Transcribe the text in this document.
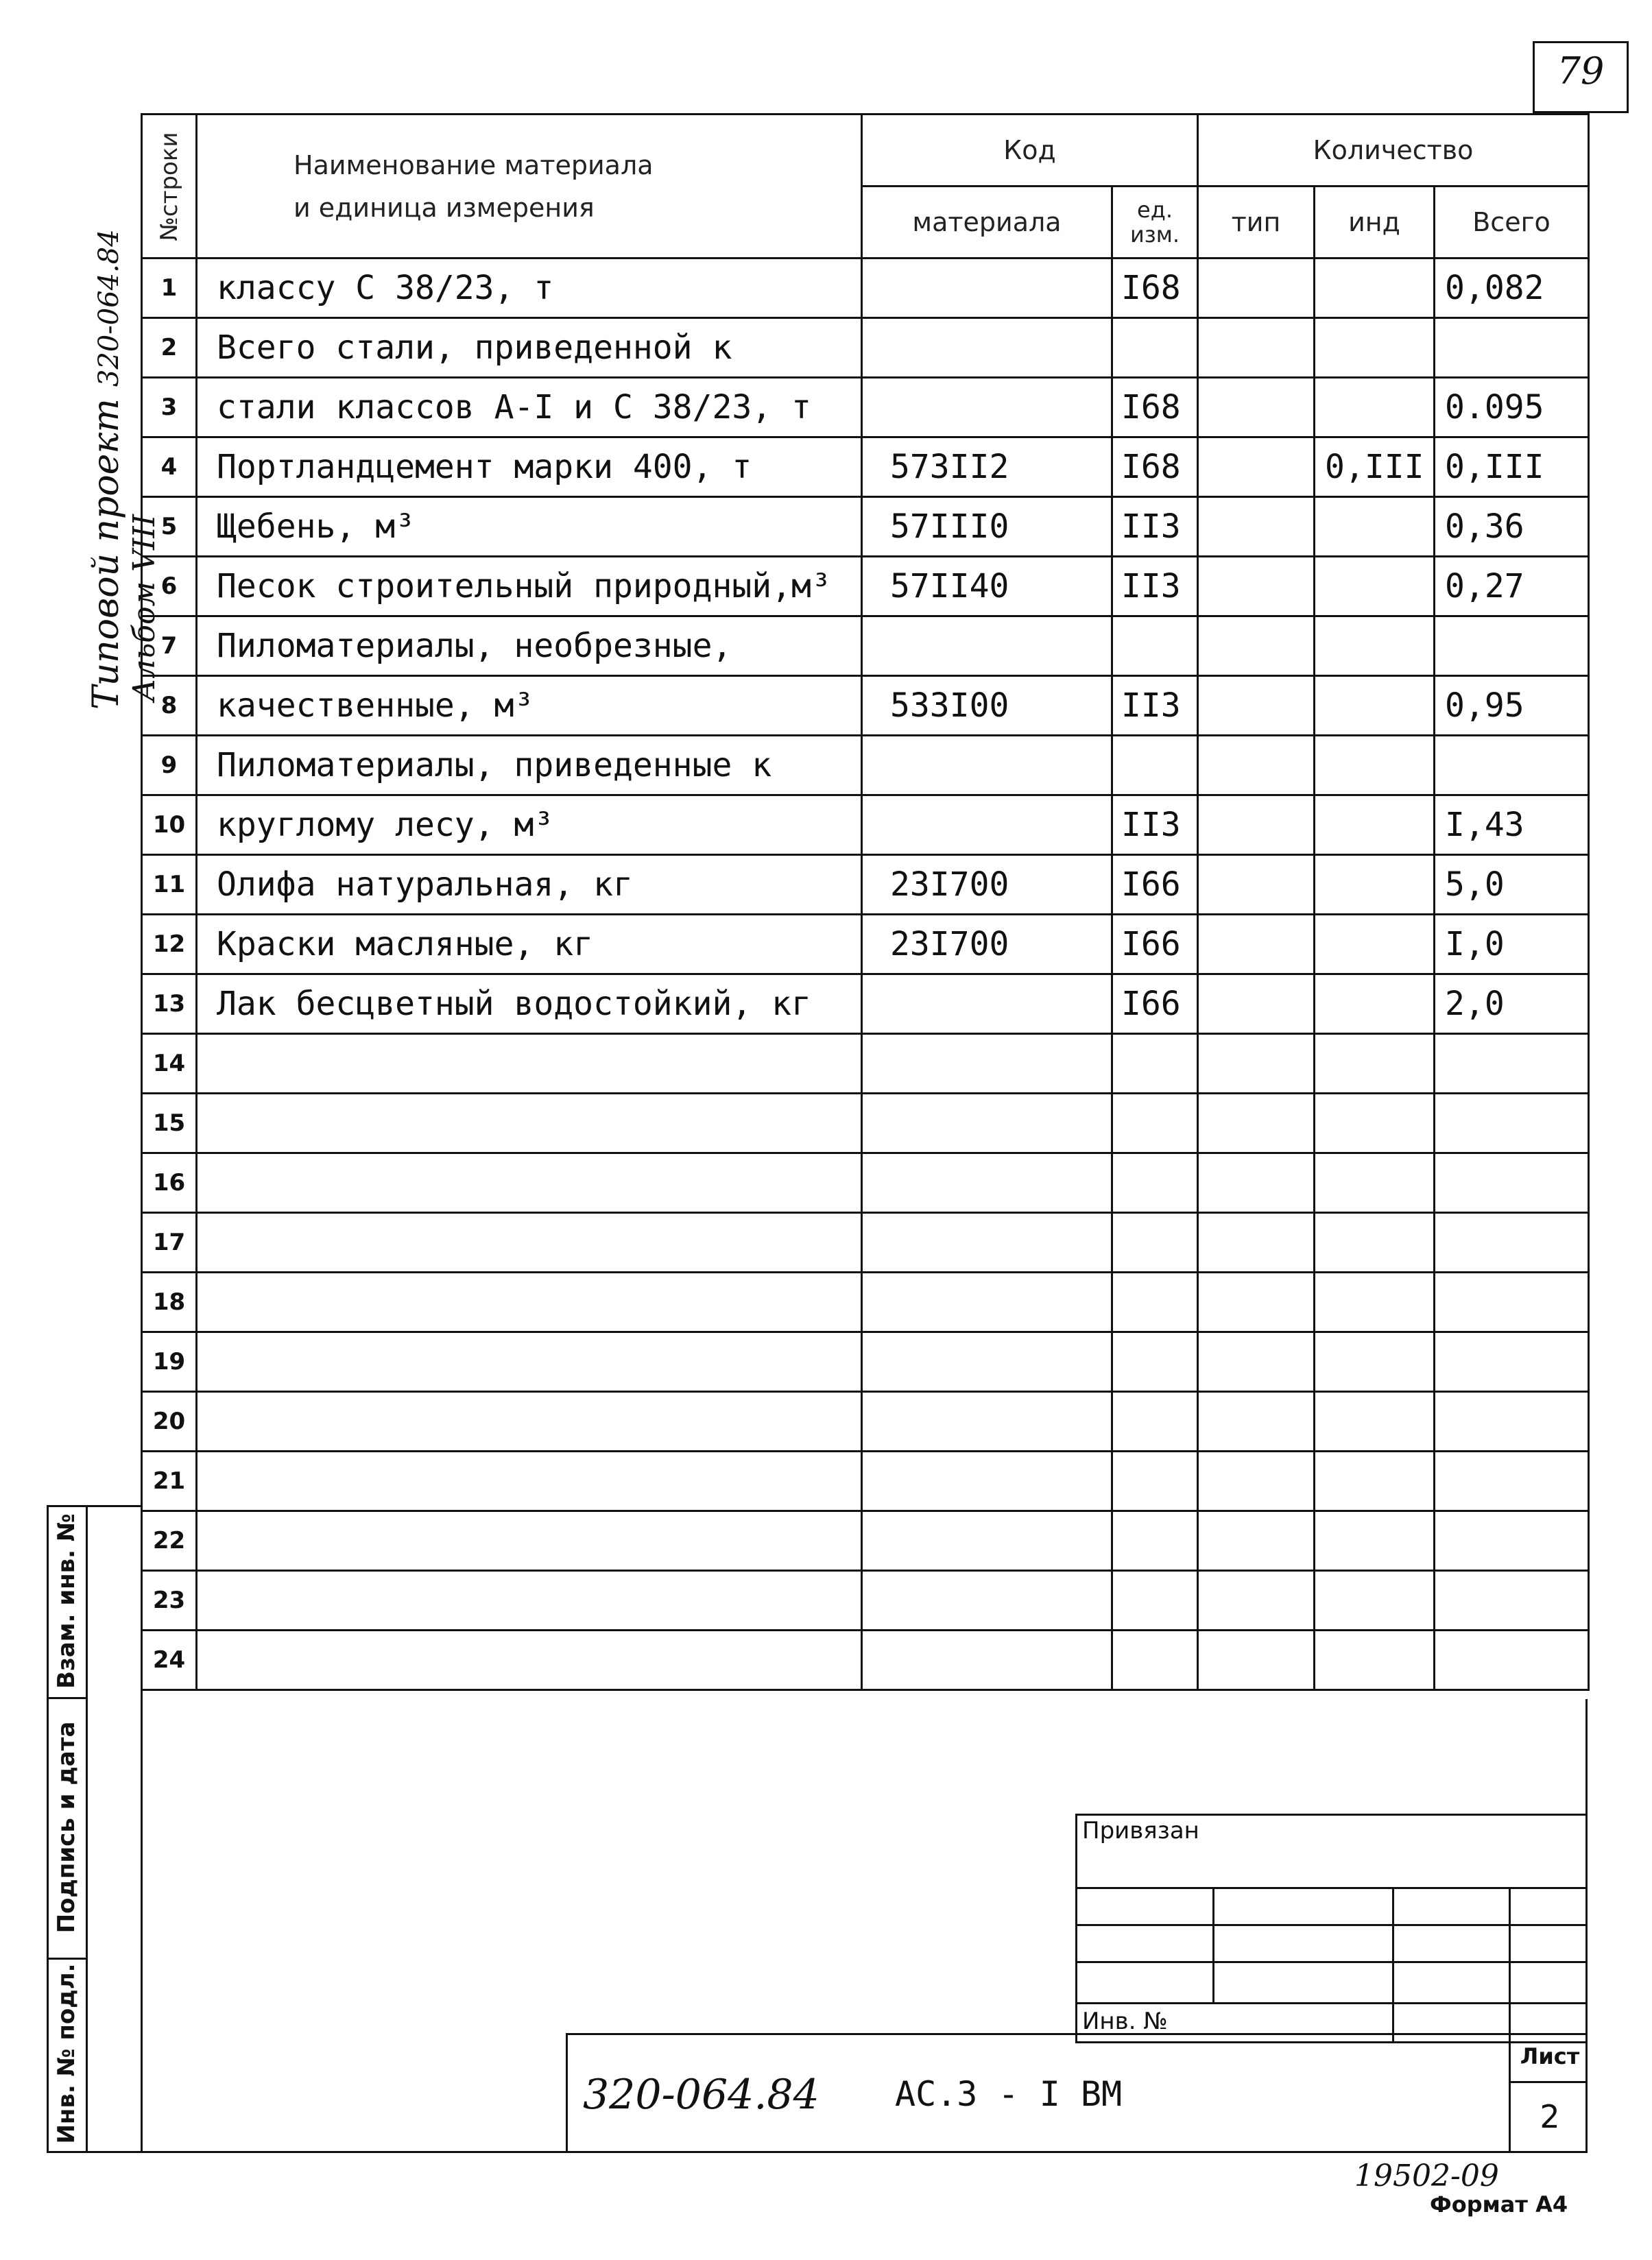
79
Типовой проект 320-064.84 Альбом VIII
№строки	Наименование материала
и единица измерения	Код		Количество		
		материала	ед. изм.	тип	инд	Всего
1	классу С 38/23, т		I68			0,082
2	Всего стали, приведенной к					
3	стали классов A-I и С 38/23, т		I68			0.095
4	Портландцемент марки 400, т	573II2	I68		0,III	0,III
5	Щебень, м³	57III0	II3			0,36
6	Песок строительный природный,м³	57II40	II3			0,27
7	Пиломатериалы, необрезные,					
8	качественные, м³	533I00	II3			0,95
9	Пиломатериалы, приведенные к					
10	круглому лесу, м³		II3			I,43
11	Олифа натуральная, кг	23I700	I66			5,0
12	Краски масляные, кг	23I700	I66			I,0
13	Лак бесцветный водостойкий, кг		I66			2,0
14						
15						
16						
17						
18						
19						
20						
21						
22						
23						
24						
Взам. инв. №
Подпись и дата
Инв. № подл.
Привязан
Инв. №
320-064.84 АС.3 - I ВМ
Лист
2
19502-09
Формат А4
